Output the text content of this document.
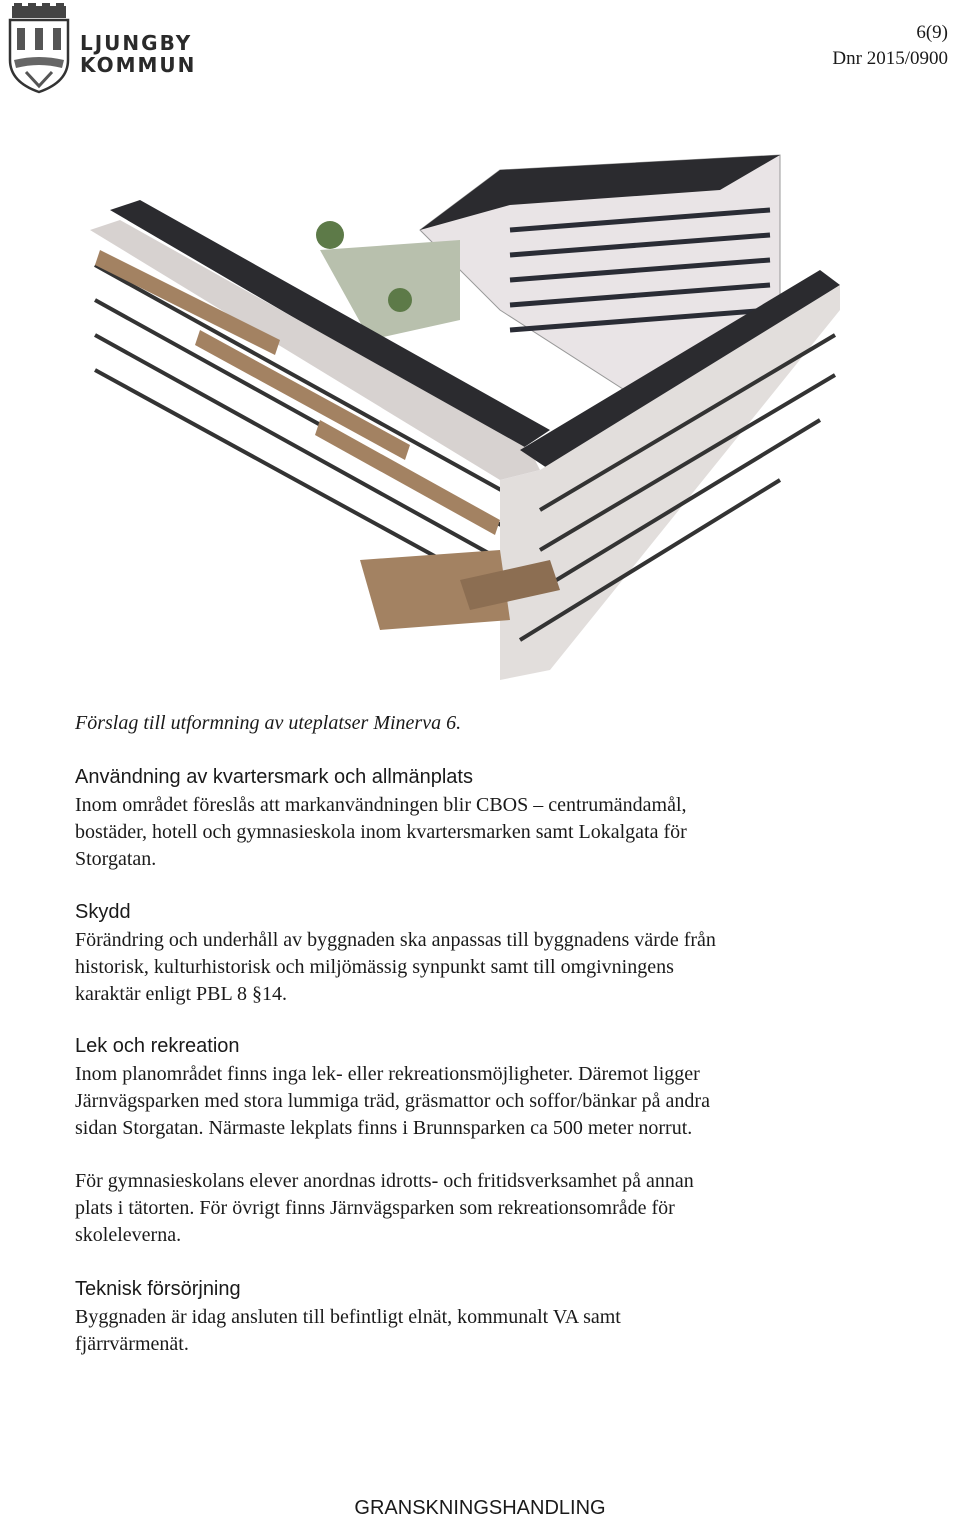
LJUNGBY
KOMMUN
6(9)
Dnr 2015/0900
Förslag till utformning av uteplatser Minerva 6.
Användning av kvartersmark och allmänplats
Inom området föreslås att markanvändningen blir CBOS – centrumändamål,
bostäder, hotell och gymnasieskola inom kvartersmarken samt Lokalgata för
Storgatan.
Skydd
Förändring och underhåll av byggnaden ska anpassas till byggnadens värde från
historisk, kulturhistorisk och miljömässig synpunkt samt till omgivningens
karaktär enligt PBL 8 §14.
Lek och rekreation
Inom planområdet finns inga lek- eller rekreationsmöjligheter. Däremot ligger
Järnvägsparken med stora lummiga träd, gräsmattor och soffor/bänkar på andra
sidan Storgatan. Närmaste lekplats finns i Brunnsparken ca 500 meter norrut.
För gymnasieskolans elever anordnas idrotts- och fritidsverksamhet på annan
plats i tätorten. För övrigt finns Järnvägsparken som rekreationsområde för
skoleleverna.
Teknisk försörjning
Byggnaden är idag ansluten till befintligt elnät, kommunalt VA samt
fjärrvärmenät.
GRANSKNINGSHANDLING
